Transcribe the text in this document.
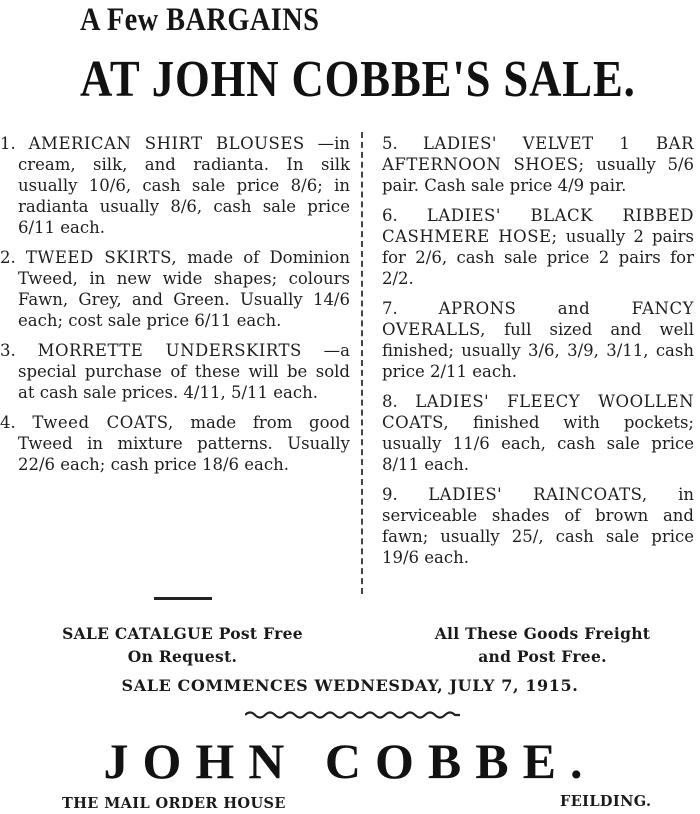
A Few BARGAINS
AT JOHN COBBE'S SALE.

1. AMERICAN SHIRT BLOUSES —in cream, silk, and radianta. In silk usually 10/6, cash sale price 8/6; in radianta usually 8/6, cash sale price 6/11 each.

2. TWEED SKIRTS, made of Dominion Tweed, in new wide shapes; colours Fawn, Grey, and Green. Usually 14/6 each; cost sale price 6/11 each.

3. MORRETTE UNDERSKIRTS —a special purchase of these will be sold at cash sale prices. 4/11, 5/11 each.

4. Tweed COATS, made from good Tweed in mixture patterns. Usually 22/6 each; cash price 18/6 each.

5. LADIES' VELVET 1 BAR AFTERNOON SHOES; usually 5/6 pair. Cash sale price 4/9 pair.

6. LADIES' BLACK RIBBED CASHMERE HOSE; usually 2 pairs for 2/6, cash sale price 2 pairs for 2/2.

7. APRONS and FANCY OVERALLS, full sized and well finished; usually 3/6, 3/9, 3/11, cash price 2/11 each.

8. LADIES' FLEECY WOOLLEN COATS, finished with pockets; usually 11/6 each, cash sale price 8/11 each.

9. LADIES' RAINCOATS, in serviceable shades of brown and fawn; usually 25/, cash sale price 19/6 each.

SALE CATALGUE Post Free
On Request.
All These Goods Freight
and Post Free.
SALE COMMENCES WEDNESDAY, JULY 7, 1915.
JOHN COBBE.
THE MAIL ORDER HOUSE	FEILDING.
